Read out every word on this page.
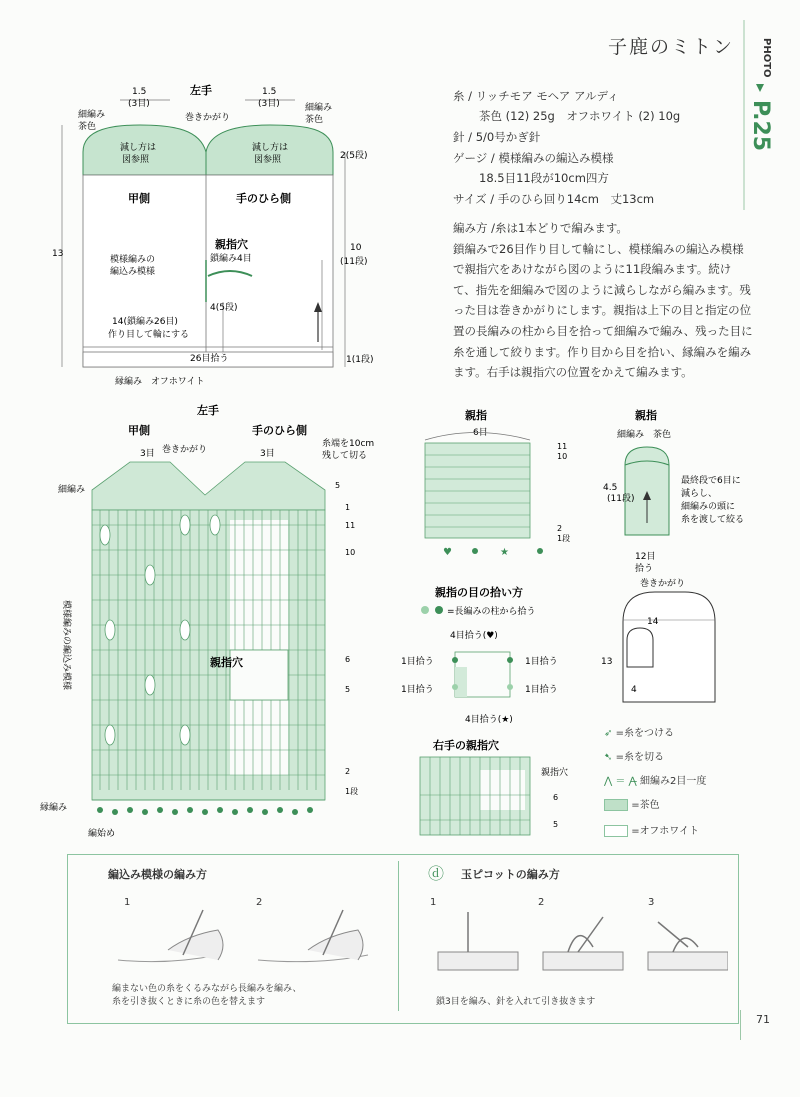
子鹿のミトン	PHOTO
P.25
糸 / リッチモア モヘア アルディ
茶色 (12) 25g　オフホワイト (2) 10g
針 / 5/0号かぎ針
ゲージ / 模様編みの編込み模様
18.5目11段が10cm四方
サイズ / 手のひら回り14cm　丈13cm

編み方 /糸は1本どりで編みます。

鎖編みで26目作り目して輪にし、模様編みの編込み模様で親指穴をあけながら図のように11段編みます。続けて、指先を細編みで図のように減らしながら編みます。残った目は巻きかがりにします。親指は上下の目と指定の位置の長編みの柱から目を拾って細編みで編み、残った目に糸を通して絞ります。作り目から目を拾い、縁編みを編みます。右手は親指穴の位置をかえて編みます。

左手
1.5
(3目)
1.5
(3目)
細編み
茶色
細編み
茶色
巻きかがり
減し方は
図参照
減し方は
図参照	2(5段)
甲側	手のひら側
13
親指穴
鎖編み4目
模様編みの
編込み模様
10
(11段)
4(5段)
14(鎖編み26目)
作り目して輪にする
26目拾う	1(1段)
縁編み　オフホワイト
左手
甲側	手のひら側
巻きかがり
3目	3目
糸端を10cm
残して切る
細編み
模様編みの編込み模様	親指穴
5
1
11
10
6
5
2
1段
縁編み
編始め
親指
6目
♥	★
11
10
2
1段
親指
細編み　茶色
4.5
(11段)
最終段で6目に
減らし、
細編みの頭に
糸を渡して絞る
12目
拾う
親指の目の拾い方
=長編みの柱から拾う
4目拾う(♥)
1目拾う
1目拾う
1目拾う
1目拾う
4目拾う(★)
巻きかがり
14
13
4
右手の親指穴
親指穴
6
5
➶ =糸をつける
➷ =糸を切る
⋀ ＝ ⋀̶ 細編み2目一度
=茶色
=オフホワイト
編込み模様の編み方
1	2
編まない色の糸をくるみながら長編みを編み、
糸を引き抜くときに糸の色を替えます
ⓓ 玉ピコットの編み方
1	2	3
鎖3目を編み、針を入れて引き抜きます
71
